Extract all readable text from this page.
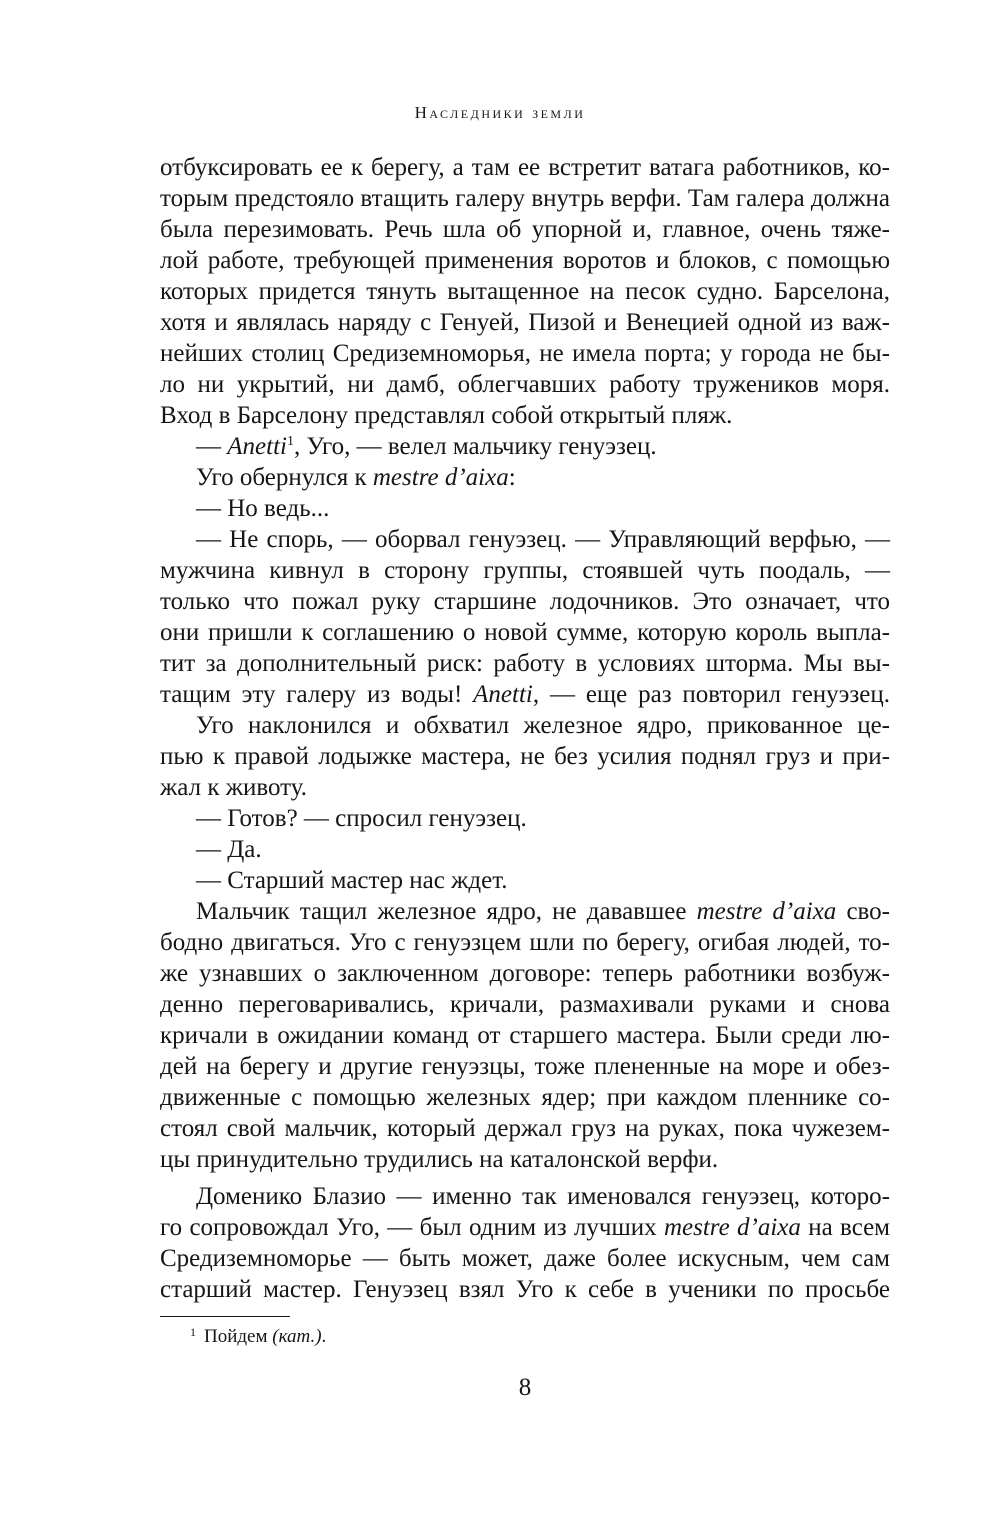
Наследники земли
отбуксировать ее к берегу, а там ее встретит ватага работников, ко-
торым предстояло втащить галеру внутрь верфи. Там галера должна
была перезимовать. Речь шла об упорной и, главное, очень тяже-
лой работе, требующей применения воротов и блоков, с помощью
которых придется тянуть вытащенное на песок судно. Барселона,
хотя и являлась наряду с Генуей, Пизой и Венецией одной из важ-
нейших столиц Средиземноморья, не имела порта; у города не бы-
ло ни укрытий, ни дамб, облегчавших работу тружеников моря.
Вход в Барселону представлял собой открытый пляж.
— Anetti$^1$, Уго, — велел мальчику генуэзец.
Уго обернулся к mestre d’aixa:
— Но ведь...
— Не спорь, — оборвал генуэзец. — Управляющий верфью, —
мужчина кивнул в сторону группы, стоявшей чуть поодаль, —
только что пожал руку старшине лодочников. Это означает, что
они пришли к соглашению о новой сумме, которую король выпла-
тит за дополнительный риск: работу в условиях шторма. Мы вы-
тащим эту галеру из воды! Anetti, — еще раз повторил генуэзец.
Уго наклонился и обхватил железное ядро, прикованное це-
пью к правой лодыжке мастера, не без усилия поднял груз и при-
жал к животу.
— Готов? — спросил генуэзец.
— Да.
— Старший мастер нас ждет.
Мальчик тащил железное ядро, не дававшее mestre d’aixa сво-
бодно двигаться. Уго с генуэзцем шли по берегу, огибая людей, то-
же узнавших о заключенном договоре: теперь работники возбуж-
денно переговаривались, кричали, размахивали руками и снова
кричали в ожидании команд от старшего мастера. Были среди лю-
дей на берегу и другие генуэзцы, тоже плененные на море и обез-
движенные с помощью железных ядер; при каждом пленнике со-
стоял свой мальчик, который держал груз на руках, пока чужезем-
цы принудительно трудились на каталонской верфи.
Доменико Блазио — именно так именовался генуэзец, которо-
го сопровождал Уго, — был одним из лучших mestre d’aixa на всем
Средиземноморье — быть может, даже более искусным, чем сам
старший мастер. Генуэзец взял Уго к себе в ученики по просьбе
$^1$ Пойдем (кат.).
8
